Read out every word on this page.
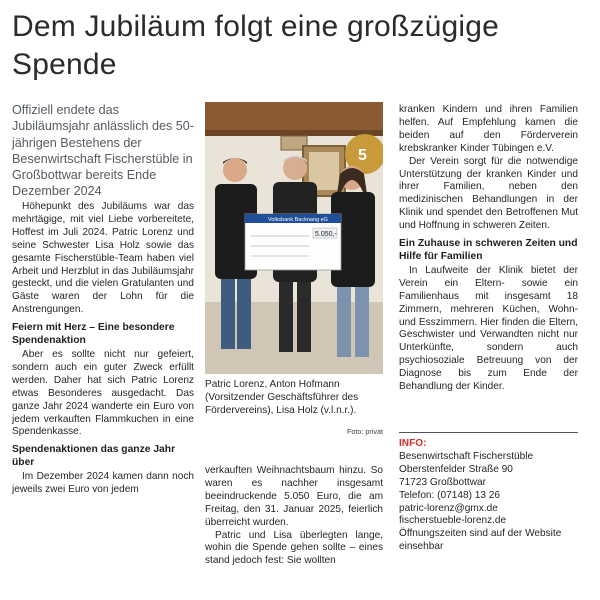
Dem Jubiläum folgt eine großzügige Spende

Offiziell endete das Jubiläumsjahr anlässlich des 50-jährigen Bestehens der Besenwirtschaft Fischerstüble in Großbottwar bereits Ende Dezember 2024

Höhepunkt des Jubiläums war das mehrtägige, mit viel Liebe vorbereitete, Hoffest im Juli 2024. Patric Lorenz und seine Schwester Lisa Holz sowie das gesamte Fischerstüble-Team haben viel Arbeit und Herzblut in das Jubiläumsjahr gesteckt, und die vielen Gratulanten und Gäste waren der Lohn für die Anstrengungen.

Feiern mit Herz – Eine besondere Spendenaktion

Aber es sollte nicht nur gefeiert, sondern auch ein guter Zweck erfüllt werden. Daher hat sich Patric Lorenz etwas Besonderes ausgedacht. Das ganze Jahr 2024 wanderte ein Euro von jedem verkauften Flammkuchen in eine Spendenkasse.

Spendenaktionen das ganze Jahr über

Im Dezember 2024 kamen dann noch jeweils zwei Euro von jedem

5
Volksbank Backnang eG
5.050,-

Patric Lorenz, Anton Hofmann (Vorsitzender Geschäftsführer des Fördervereins), Lisa Holz (v.l.n.r.).

Foto: privat

verkauften Weihnachtsbaum hinzu. So waren es nachher insgesamt beeindruckende 5.050 Euro, die am Freitag, den 31. Januar 2025, feierlich überreicht wurden.

Patric und Lisa überlegten lange, wohin die Spende gehen sollte – eines stand jedoch fest: Sie wollten

kranken Kindern und ihren Familien helfen. Auf Empfehlung kamen die beiden auf den Förderverein krebskranker Kinder Tübingen e.V.

Der Verein sorgt für die notwendige Unterstützung der kranken Kinder und ihrer Familien, neben den medizinischen Behandlungen in der Klinik und spendet den Betroffenen Mut und Hoffnung in schweren Zeiten.

Ein Zuhause in schweren Zeiten und Hilfe für Familien

In Laufweite der Klinik bietet der Verein ein Eltern- sowie ein Familienhaus mit insgesamt 18 Zimmern, mehreren Küchen, Wohn- und Esszimmern. Hier finden die Eltern, Geschwister und Verwandten nicht nur Unterkünfte, sondern auch psychiosoziale Betreuung von der Diagnose bis zum Ende der Behandlung der Kinder.

INFO:
Besenwirtschaft Fischerstüble
Oberstenfelder Straße 90
71723 Großbottwar
Telefon: (07148) 13 26
patric-lorenz@gmx.de
fischerstueble-lorenz.de
Öffnungszeiten sind auf der Website einsehbar
